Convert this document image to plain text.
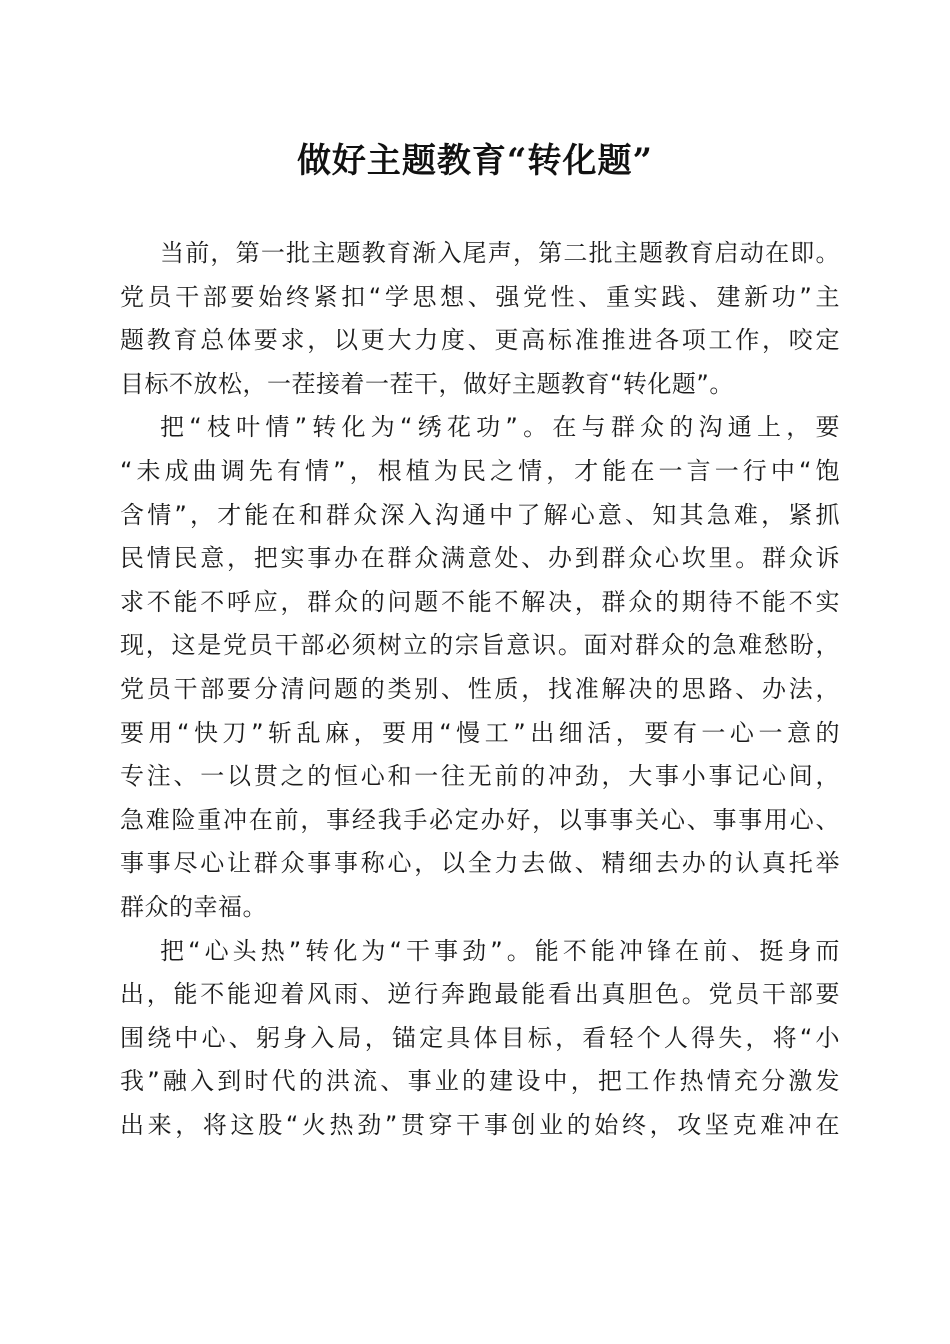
做好主题教育“转化题”
当前，第一批主题教育渐入尾声，第二批主题教育启动在即。
党员干部要始终紧扣“学思想、强党性、重实践、建新功”主
题教育总体要求，以更大力度、更高标准推进各项工作，咬定
目标不放松，一茬接着一茬干，做好主题教育“转化题”。
把“枝叶情”转化为“绣花功”。在与群众的沟通上，要
“未成曲调先有情”，根植为民之情，才能在一言一行中“饱
含情”，才能在和群众深入沟通中了解心意、知其急难，紧抓
民情民意，把实事办在群众满意处、办到群众心坎里。群众诉
求不能不呼应，群众的问题不能不解决，群众的期待不能不实
现，这是党员干部必须树立的宗旨意识。面对群众的急难愁盼，
党员干部要分清问题的类别、性质，找准解决的思路、办法，
要用“快刀”斩乱麻，要用“慢工”出细活，要有一心一意的
专注、一以贯之的恒心和一往无前的冲劲，大事小事记心间，
急难险重冲在前，事经我手必定办好，以事事关心、事事用心、
事事尽心让群众事事称心，以全力去做、精细去办的认真托举
群众的幸福。
把“心头热”转化为“干事劲”。能不能冲锋在前、挺身而
出，能不能迎着风雨、逆行奔跑最能看出真胆色。党员干部要
围绕中心、躬身入局，锚定具体目标，看轻个人得失，将“小
我”融入到时代的洪流、事业的建设中，把工作热情充分激发
出来，将这股“火热劲”贯穿干事创业的始终，攻坚克难冲在
